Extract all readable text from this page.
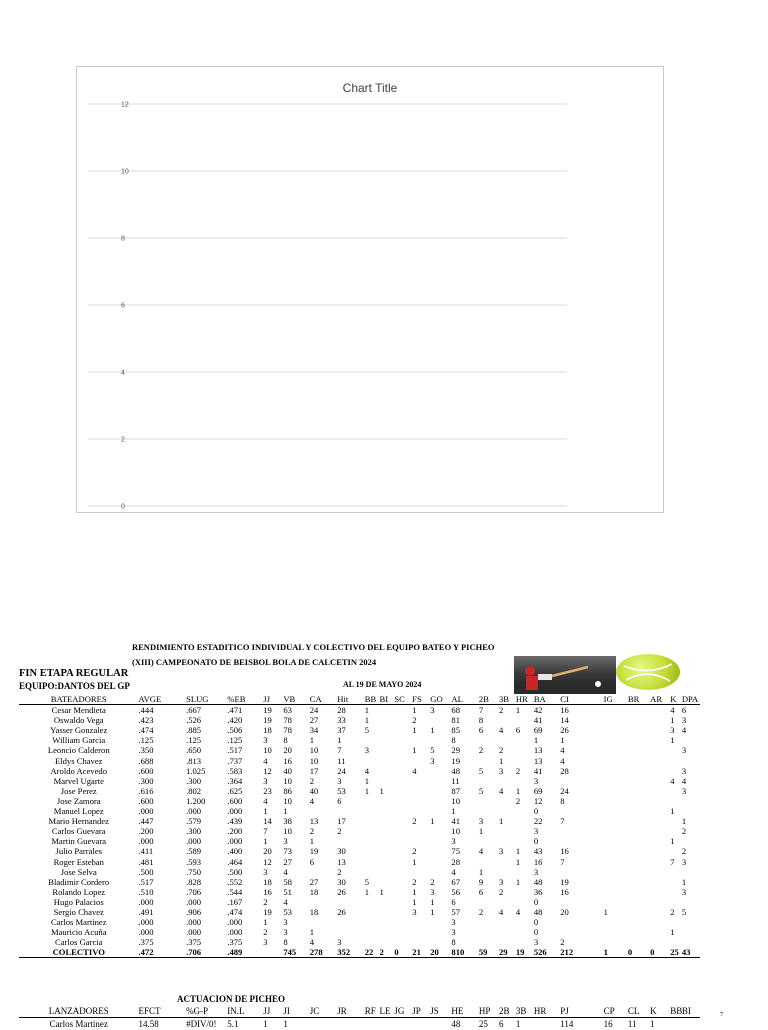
Chart Title
0
2
4
6
8
10
12
RENDIMIENTO ESTADITICO INDIVIDUAL Y COLECTIVO DEL EQUIPO BATEO Y PICHEO
(XIII) CAMPEONATO DE BEISBOL BOLA DE CALCETIN 2024
FIN ETAPA REGULAR
EQUIPO:DANTOS DEL GP	AL 19 DE MAYO 2024
BATEADORES	AVGE	SLUG	%EB	JJ	VB	CA	Hit	BB	BI	SC	FS	GO	AL	2B	3B	HR	BA	CI	IG	BR	AR	K	DPA
Cesar Mendieta	.444	.667	.471	19	63	24	28	1			1	3	68	7	2	1	42	16				4	6
Oswaldo Vega	.423	.526	.420	19	78	27	33	1			2		81	8			41	14				1	3
Yasser Gonzalez	.474	.885	.506	18	78	34	37	5			1	1	85	6	4	6	69	26				3	4
William Garcia	.125	.125	.125	3	8	1	1						8				1	1				1	
Leoncio Calderon	.350	.650	.517	10	20	10	7	3			1	5	29	2	2		13	4					3
Eldys Chavez	.688	.813	.737	4	16	10	11					3	19		1		13	4					
Aroldo Acevedo	.600	1.025	.583	12	40	17	24	4			4		48	5	3	2	41	28					3
Marvel Ugarte	.300	.300	.364	3	10	2	3	1					11				3					4	4
Jose Perez	.616	.802	.625	23	86	40	53	1	1				87	5	4	1	69	24					3
Jose Zamora	.600	1.200	.600	4	10	4	6						10			2	12	8					
Manuel Lopez	.000	.000	.000	1	1								1				0					1	
Mario Hernandez	.447	.579	.439	14	38	13	17				2	1	41	3	1		22	7					1
Carlos Guevara	.200	.300	.200	7	10	2	2						10	1			3						2
Martin Guevara	.000	.000	.000	1	3	1							3				0					1	
Julio Parrales	.411	.589	.400	20	73	19	30				2		75	4	3	1	43	16					2
Roger Esteban	.481	.593	.464	12	27	6	13				1		28			1	16	7				7	3
Jose Selva	.500	.750	.500	3	4		2						4	1			3						
Bladimir Cordero	.517	.828	.552	18	58	27	30	5			2	2	67	9	3	1	48	19					1
Rolando Lopez	.510	.706	.544	16	51	18	26	1	1		1	3	56	6	2		36	16					3
Hugo Palacios	.000	.000	.167	2	4						1	1	6				0						
Sergio Chavez	.491	.906	.474	19	53	18	26				3	1	57	2	4	4	48	20	1			2	5
Carlos Martinez	.000	.000	.000	1	3								3				0						
Mauricio Acuña	.000	.000	.000	2	3	1							3				0					1	
Carlos Garcia	.375	.375	.375	3	8	4	3						8				3	2					
COLECTIVO	.472	.706	.489		745	278	352	22	2	0	21	20	810	59	29	19	526	212	1	0	0	25	43
ACTUACION DE PICHEO
LANZADORES	EFCT	%G-P	IN.L	JJ	JI	JC	JR	RF	LE	JG	JP	JS	HE	HP	2B	3B	HR	PJ	CP	CL	K	BB	BI
Carlos Martinez	14.58	#DIV/0!	5.1	1	1								48	25	6	1		114	16	11	1		
7
